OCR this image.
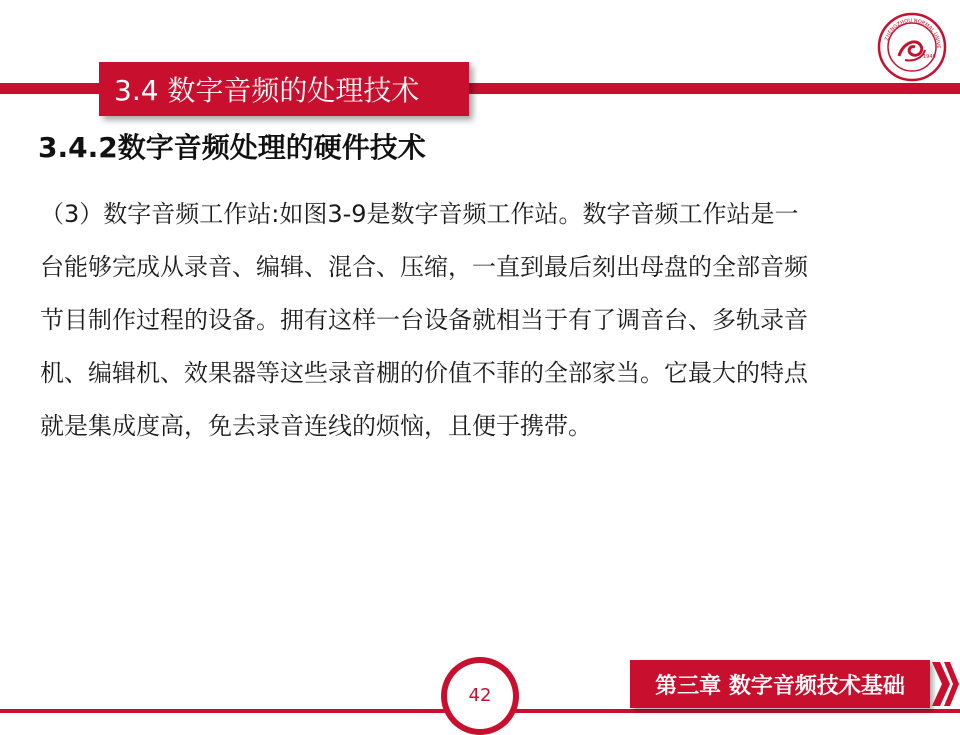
3.4 数字音频的处理技术
1949
ZHENGZHOU NORMAL UNIVE
3.4.2数字音频处理的硬件技术
（3）数字音频工作站:如图3-9是数字音频工作站。数字音频工作站是一
台能够完成从录音、编辑、混合、压缩，一直到最后刻出母盘的全部音频
节目制作过程的设备。拥有这样一台设备就相当于有了调音台、多轨录音
机、编辑机、效果器等这些录音棚的价值不菲的全部家当。它最大的特点
就是集成度高，免去录音连线的烦恼，且便于携带。
42	第三章 数字音频技术基础
